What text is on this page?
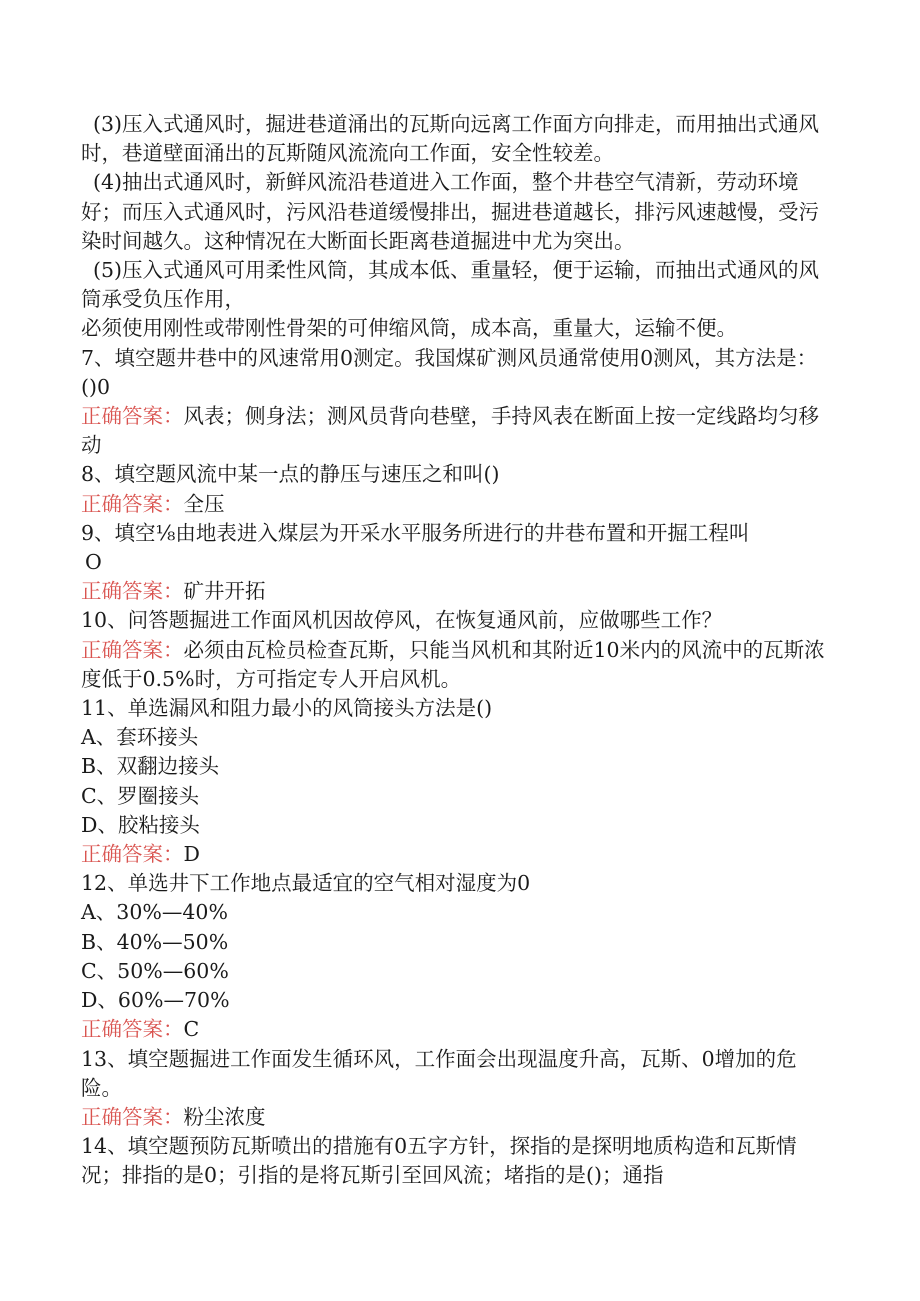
(3)压入式通风时，掘进巷道涌出的瓦斯向远离工作面方向排走，而用抽出式通风时，巷道壁面涌出的瓦斯随风流流向工作面，安全性较差。

(4)抽出式通风时，新鲜风流沿巷道进入工作面，整个井巷空气清新，劳动环境好；而压入式通风时，污风沿巷道缓慢排出，掘进巷道越长，排污风速越慢，受污染时间越久。这种情况在大断面长距离巷道掘进中尤为突出。

(5)压入式通风可用柔性风筒，其成本低、重量轻，便于运输，而抽出式通风的风筒承受负压作用，

必须使用刚性或带刚性骨架的可伸缩风筒，成本高，重量大，运输不便。

7、填空题井巷中的风速常用0测定。我国煤矿测风员通常使用0测风，其方法是：()0

正确答案：风表；侧身法；测风员背向巷壁，手持风表在断面上按一定线路均匀移动

8、填空题风流中某一点的静压与速压之和叫()

正确答案：全压

9、填空⅛由地表进入煤层为开采水平服务所进行的井巷布置和开掘工程叫

O

正确答案：矿井开拓

10、问答题掘进工作面风机因故停风，在恢复通风前，应做哪些工作？

正确答案：必须由瓦检员检查瓦斯，只能当风机和其附近10米内的风流中的瓦斯浓度低于0.5%时，方可指定专人开启风机。

11、单选漏风和阻力最小的风筒接头方法是()

A、套环接头

B、双翻边接头

C、罗圈接头

D、胶粘接头

正确答案：D

12、单选井下工作地点最适宜的空气相对湿度为0

A、30%—40%

B、40%—50%

C、50%—60%

D、60%—70%

正确答案：C

13、填空题掘进工作面发生循环风，工作面会出现温度升高，瓦斯、0增加的危险。

正确答案：粉尘浓度

14、填空题预防瓦斯喷出的措施有0五字方针，探指的是探明地质构造和瓦斯情况；排指的是0；引指的是将瓦斯引至回风流；堵指的是()；通指
